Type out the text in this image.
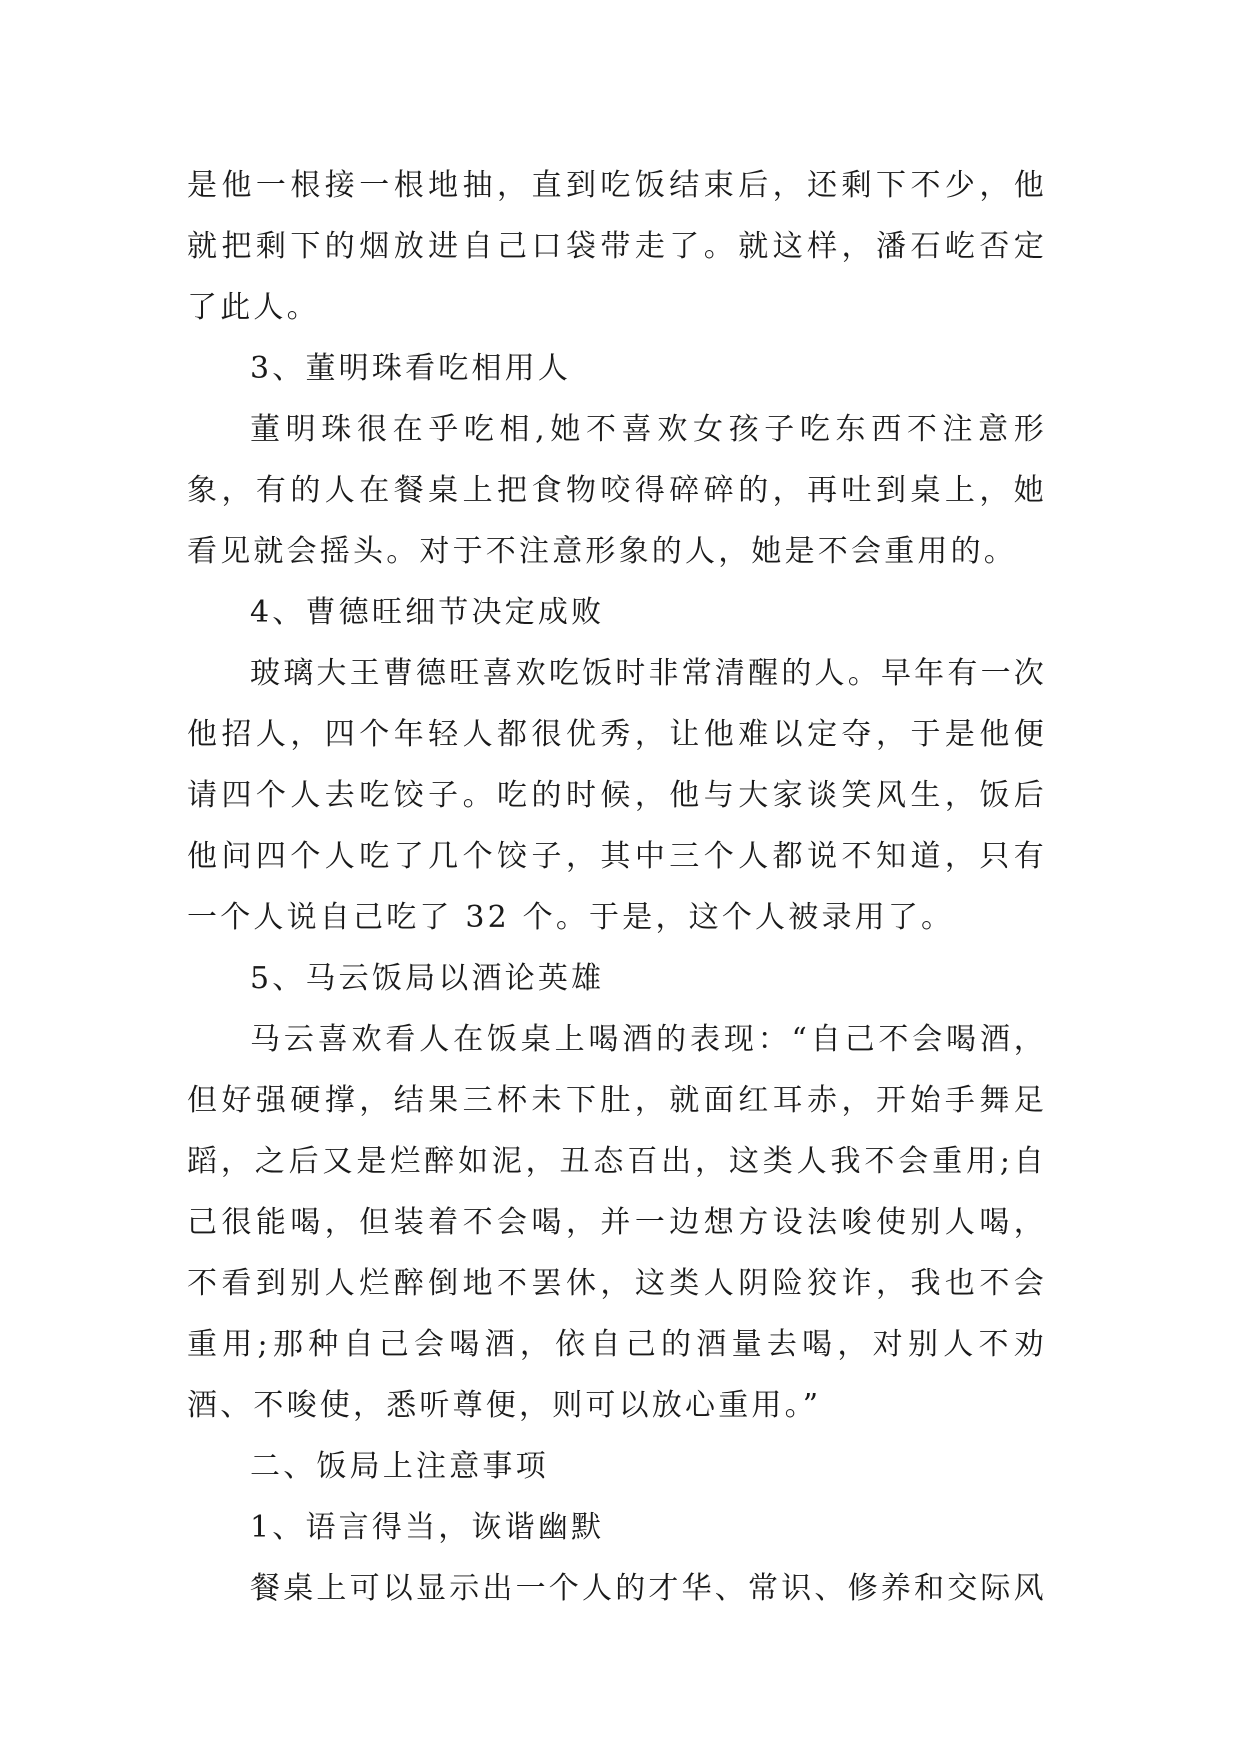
是他一根接一根地抽，直到吃饭结束后，还剩下不少，他就把剩下的烟放进自己口袋带走了。就这样，潘石屹否定了此人。

3、董明珠看吃相用人

董明珠很在乎吃相,她不喜欢女孩子吃东西不注意形象，有的人在餐桌上把食物咬得碎碎的，再吐到桌上，她看见就会摇头。对于不注意形象的人，她是不会重用的。

4、曹德旺细节决定成败

玻璃大王曹德旺喜欢吃饭时非常清醒的人。早年有一次他招人，四个年轻人都很优秀，让他难以定夺，于是他便请四个人去吃饺子。吃的时候，他与大家谈笑风生，饭后他问四个人吃了几个饺子，其中三个人都说不知道，只有一个人说自己吃了 32 个。于是，这个人被录用了。

5、马云饭局以酒论英雄

马云喜欢看人在饭桌上喝酒的表现：“自己不会喝酒，但好强硬撑，结果三杯未下肚，就面红耳赤，开始手舞足蹈，之后又是烂醉如泥，丑态百出，这类人我不会重用;自己很能喝，但装着不会喝，并一边想方设法唆使别人喝，不看到别人烂醉倒地不罢休，这类人阴险狡诈，我也不会重用;那种自己会喝酒，依自己的酒量去喝，对别人不劝酒、不唆使，悉听尊便，则可以放心重用。”

二、饭局上注意事项

1、语言得当，诙谐幽默

餐桌上可以显示出一个人的才华、常识、修养和交际风
